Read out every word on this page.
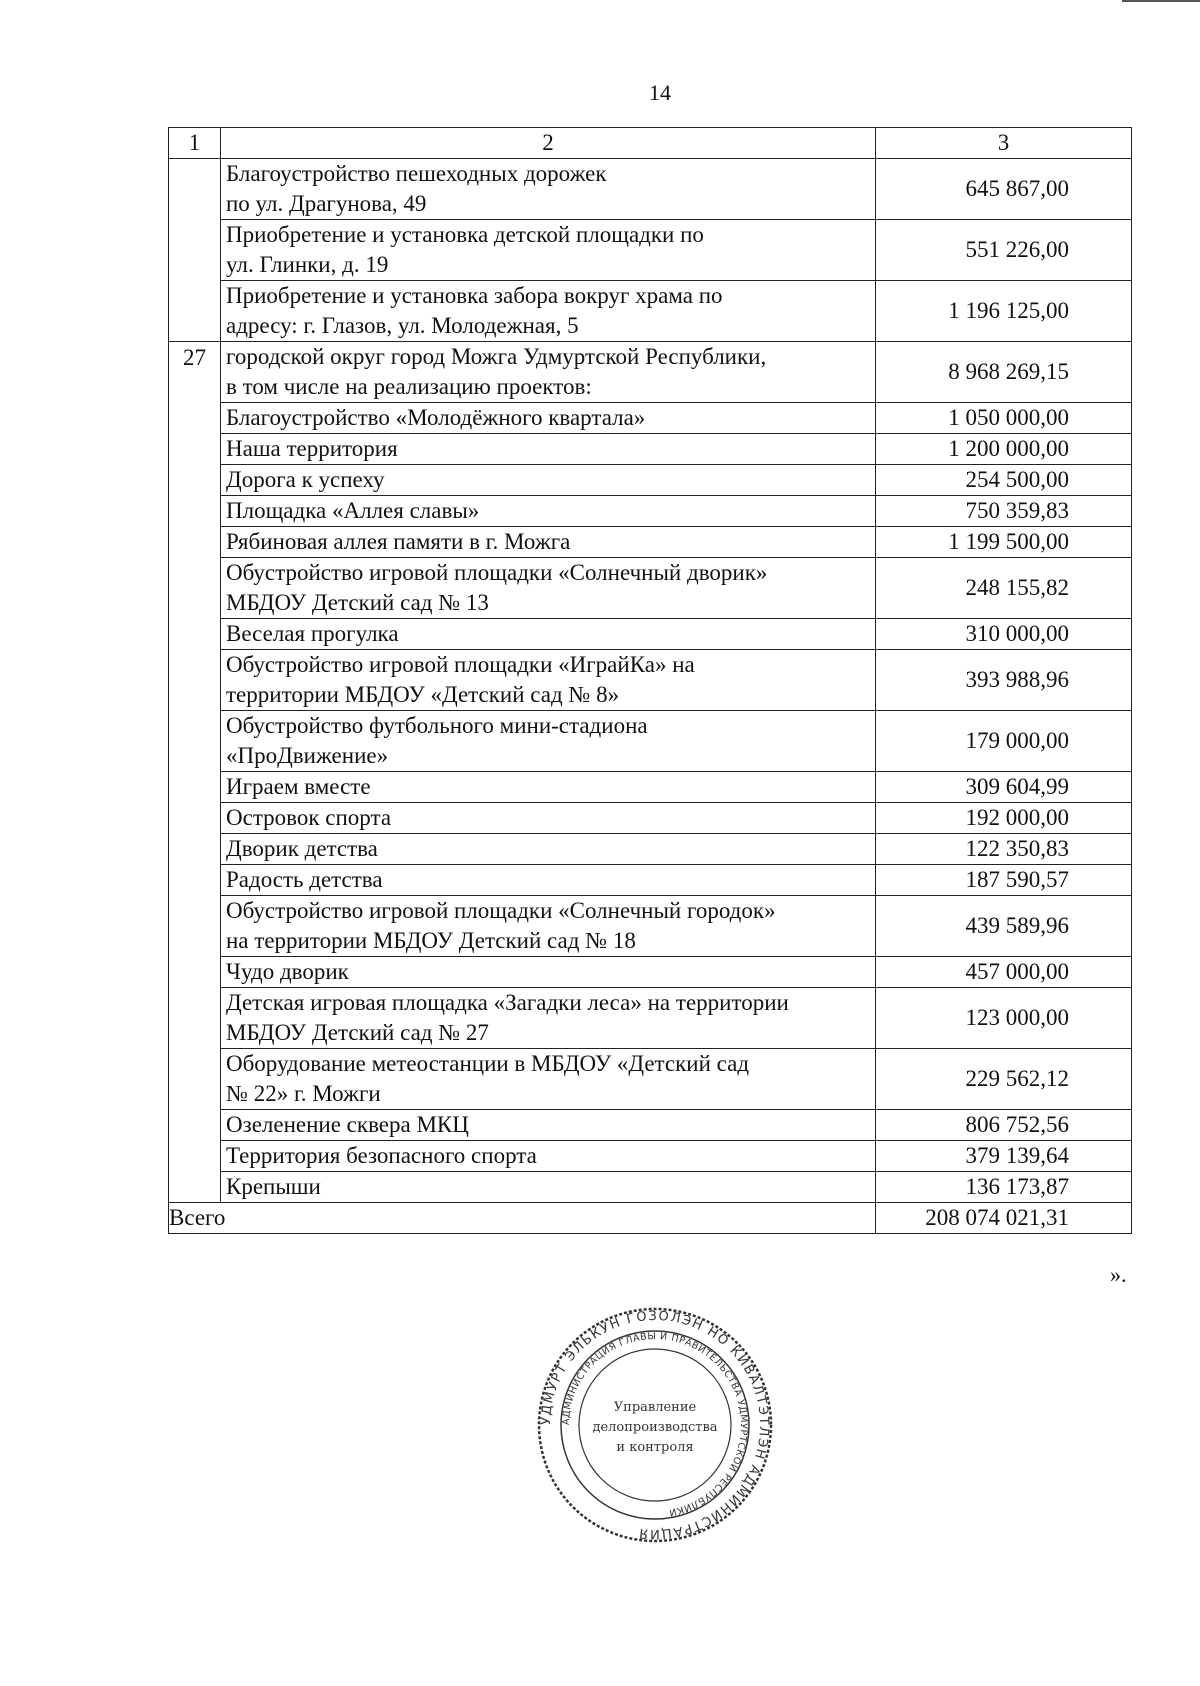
14
1	2	3

	Благоустройство пешеходных дорожек
по ул. Драгунова, 49	645 867,00

	Приобретение и установка детской площадки по
ул. Глинки, д. 19	551 226,00

	Приобретение и установка забора вокруг храма по
адресу: г. Глазов, ул. Молодежная, 5	1 196 125,00
27	городской округ город Можга Удмуртской Республики,
в том числе на реализацию проектов:	8 968 269,15

	Благоустройство «Молодёжного квартала»	1 050 000,00

	Наша территория	1 200 000,00

	Дорога к успеху	254 500,00

	Площадка «Аллея славы»	750 359,83

	Рябиновая аллея памяти в г. Можга	1 199 500,00

	Обустройство игровой площадки «Солнечный дворик»
МБДОУ Детский сад № 13	248 155,82

	Веселая прогулка	310 000,00

	Обустройство игровой площадки «ИграйКа» на
территории МБДОУ «Детский сад № 8»	393 988,96

	Обустройство футбольного мини-стадиона
«ПроДвижение»	179 000,00

	Играем вместе	309 604,99

	Островок спорта	192 000,00

	Дворик детства	122 350,83

	Радость детства	187 590,57

	Обустройство игровой площадки «Солнечный городок»
на территории МБДОУ Детский сад № 18	439 589,96

	Чудо дворик	457 000,00

	Детская игровая площадка «Загадки леса» на территории
МБДОУ Детский сад № 27	123 000,00

	Оборудование метеостанции в МБДОУ «Детский сад
№ 22» г. Можги	229 562,12

	Озеленение сквера МКЦ	806 752,56

	Территория безопасного спорта	379 139,64

	Крепыши	136 173,87
Всего		208 074 021,31
».
УДМУРТ ЭЛЬКУН ГОЗОЛЭН НО КИВАЛТЭТЛЭН АДМИНИСТРАЦИЯ
АДМИНИСТРАЦИЯ ГЛАВЫ И ПРАВИТЕЛЬСТВА УДМУРТСКОЙ РЕСПУБЛИКИ
Управление
делопроизводства
и контроля
